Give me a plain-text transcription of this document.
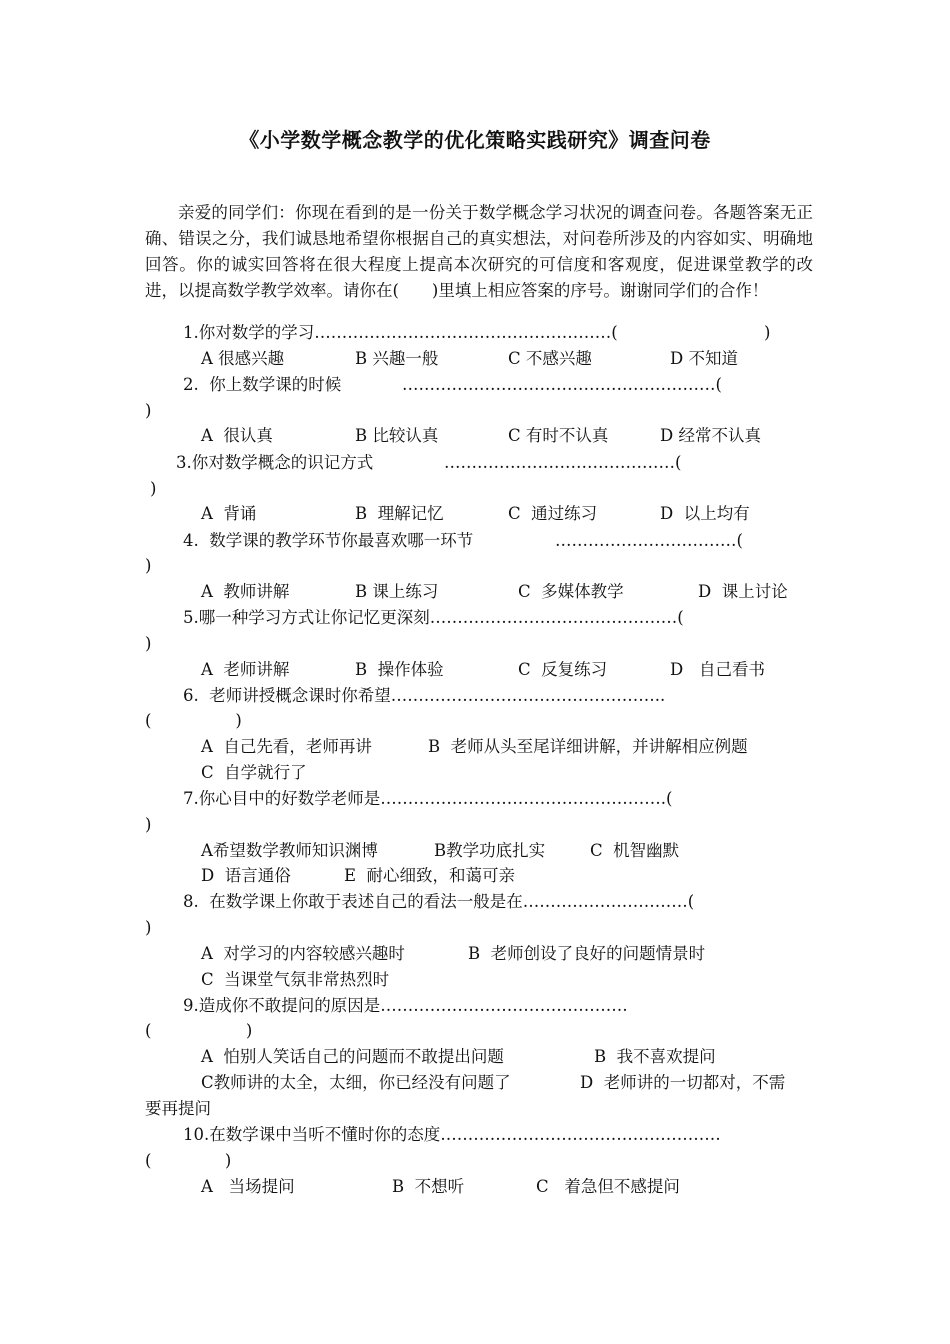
《小学数学概念教学的优化策略实践研究》调查问卷
亲爱的同学们：你现在看到的是一份关于数学概念学习状况的调查问卷。各题答案无正确、错误之分，我们诚恳地希望你根据自己的真实想法，对问卷所涉及的内容如实、明确地回答。你的诚实回答将在很大程度上提高本次研究的可信度和客观度，促进课堂教学的改进，以提高数学教学效率。请你在(　　)里填上相应答案的序号。谢谢同学们的合作！
1.你对数学的学习………………………………………………(	)
A 很感兴趣	B 兴趣一般	C 不感兴趣	D 不知道
2.  你上数学课的时候	…………………………………………………(
)
A  很认真	B 比较认真	C 有时不认真	D 经常不认真
3.你对数学概念的识记方式	……………………………………(
)
A  背诵	B  理解记忆	C  通过练习	D  以上均有
4.  数学课的教学环节你最喜欢哪一环节	……………………………(
)
A  教师讲解	B 课上练习	C  多媒体教学	D  课上讨论
5.哪一种学习方式让你记忆更深刻………………………………………(
)
A  老师讲解	B  操作体验	C  反复练习	D   自己看书
6.  老师讲授概念课时你希望…………………………………………..
(                )
A  自己先看，老师再讲	B  老师从头至尾详细讲解，并讲解相应例题
C  自学就行了
7.你心目中的好数学老师是…………………………………………….(
)
A希望数学教师知识渊博	B教学功底扎实	C  机智幽默
D  语言通俗	E  耐心细致，和蔼可亲
8.  在数学课上你敢于表述自己的看法一般是在…………………………(
)
A  对学习的内容较感兴趣时	B  老师创设了良好的问题情景时
C  当课堂气氛非常热烈时
9.造成你不敢提问的原因是………………………………………
(                  )
A  怕别人笑话自己的问题而不敢提出问题	B  我不喜欢提问
C教师讲的太全，太细，你已经没有问题了	D  老师讲的一切都对，不需
要再提问
10.在数学课中当听不懂时你的态度……………………………………………
(              )
A   当场提问	B  不想听	C   着急但不感提问
